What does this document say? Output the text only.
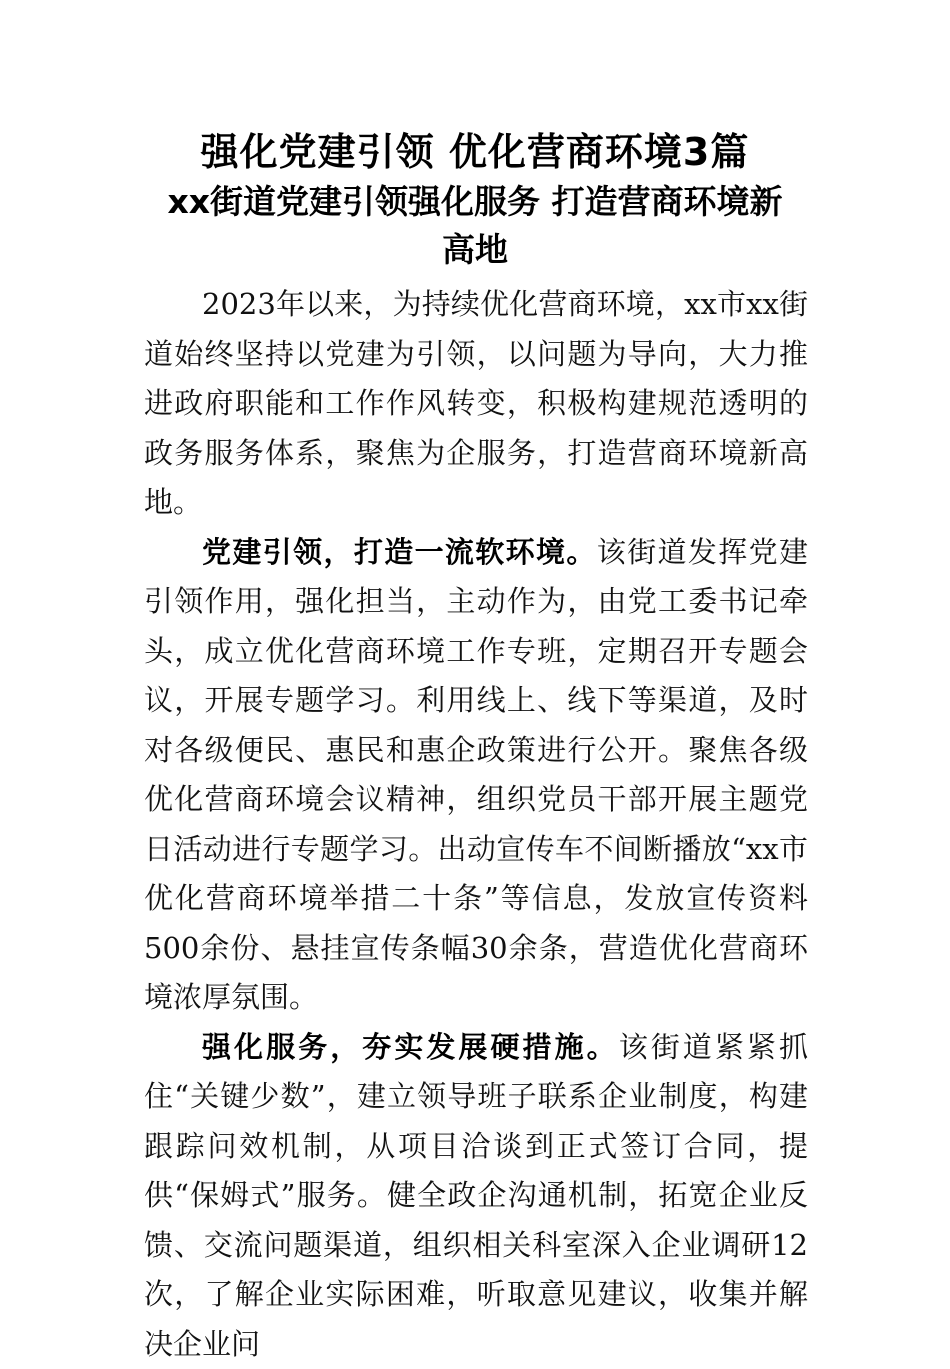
强化党建引领 优化营商环境3篇
xx街道党建引领强化服务 打造营商环境新
高地

2023年以来，为持续优化营商环境，xx市xx街道始终坚持以党建为引领，以问题为导向，大力推进政府职能和工作作风转变，积极构建规范透明的政务服务体系，聚焦为企服务，打造营商环境新高地。

党建引领，打造一流软环境。该街道发挥党建引领作用，强化担当，主动作为，由党工委书记牵头，成立优化营商环境工作专班，定期召开专题会议，开展专题学习。利用线上、线下等渠道，及时对各级便民、惠民和惠企政策进行公开。聚焦各级优化营商环境会议精神，组织党员干部开展主题党日活动进行专题学习。出动宣传车不间断播放“xx市优化营商环境举措二十条”等信息，发放宣传资料500余份、悬挂宣传条幅30余条，营造优化营商环境浓厚氛围。

强化服务，夯实发展硬措施。该街道紧紧抓住“关键少数”，建立领导班子联系企业制度，构建跟踪问效机制，从项目洽谈到正式签订合同，提供“保姆式”服务。健全政企沟通机制，拓宽企业反馈、交流问题渠道，组织相关科室深入企业调研12次，了解企业实际困难，听取意见建议，收集并解决企业问
